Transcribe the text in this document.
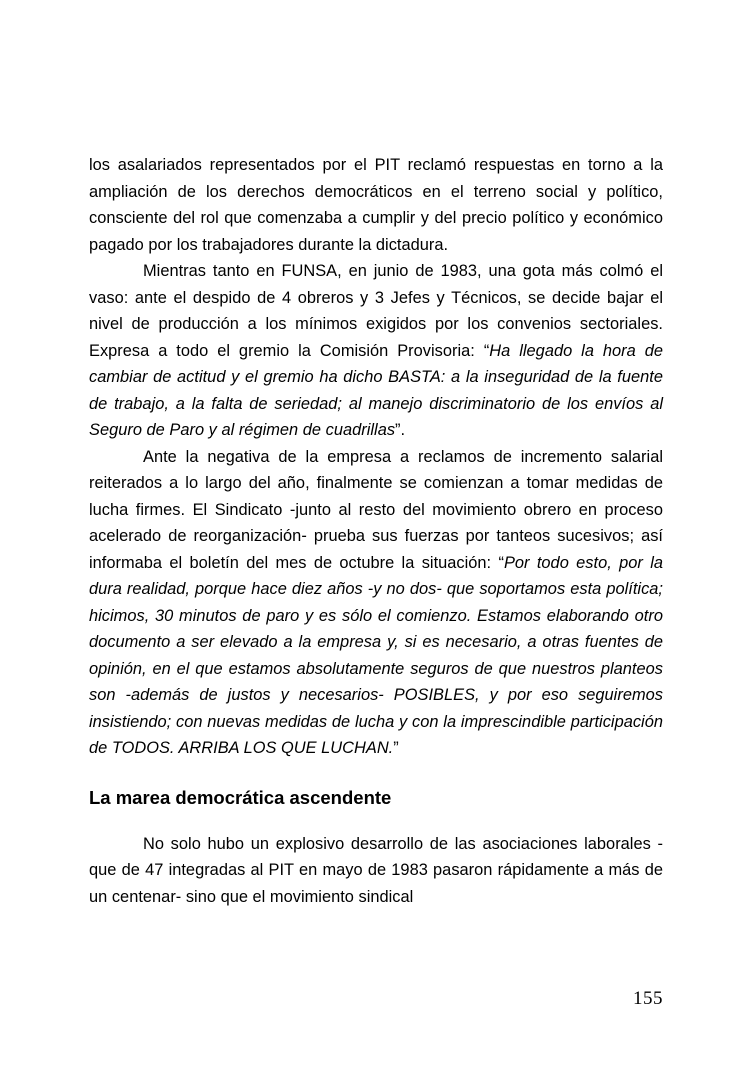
los asalariados representados por el PIT reclamó respuestas en torno a la ampliación de los derechos democráticos en el terreno social y político, consciente del rol que comenzaba a cumplir y del precio político y económico pagado por los trabajadores durante la dictadura.

Mientras tanto en FUNSA, en junio de 1983, una gota más colmó el vaso: ante el despido de 4 obreros y 3 Jefes y Técnicos, se decide bajar el nivel de producción a los mínimos exigidos por los convenios sectoriales. Expresa a todo el gremio la Comisión Provisoria: “Ha llegado la hora de cambiar de actitud y el gremio ha dicho BASTA: a la inseguridad de la fuente de trabajo, a la falta de seriedad; al manejo discriminatorio de los envíos al Seguro de Paro y al régimen de cuadrillas”.

Ante la negativa de la empresa a reclamos de incremento salarial reiterados a lo largo del año, finalmente se comienzan a tomar medidas de lucha firmes. El Sindicato -junto al resto del movimiento obrero en proceso acelerado de reorganización- prueba sus fuerzas por tanteos sucesivos; así informaba el boletín del mes de octubre la situación: “Por todo esto, por la dura realidad, porque hace diez años -y no dos- que soportamos esta política; hicimos, 30 minutos de paro y es sólo el comienzo. Estamos elaborando otro documento a ser elevado a la empresa y, si es necesario, a otras fuentes de opinión, en el que estamos absolutamente seguros de que nuestros planteos son -además de justos y necesarios- POSIBLES, y por eso seguiremos insistiendo; con nuevas medidas de lucha y con la imprescindible participación de TODOS. ARRIBA LOS QUE LUCHAN.”

La marea democrática ascendente

No solo hubo un explosivo desarrollo de las asociaciones laborales -que de 47 integradas al PIT en mayo de 1983 pasaron rápidamente a más de un centenar- sino que el movimiento sindical

155
